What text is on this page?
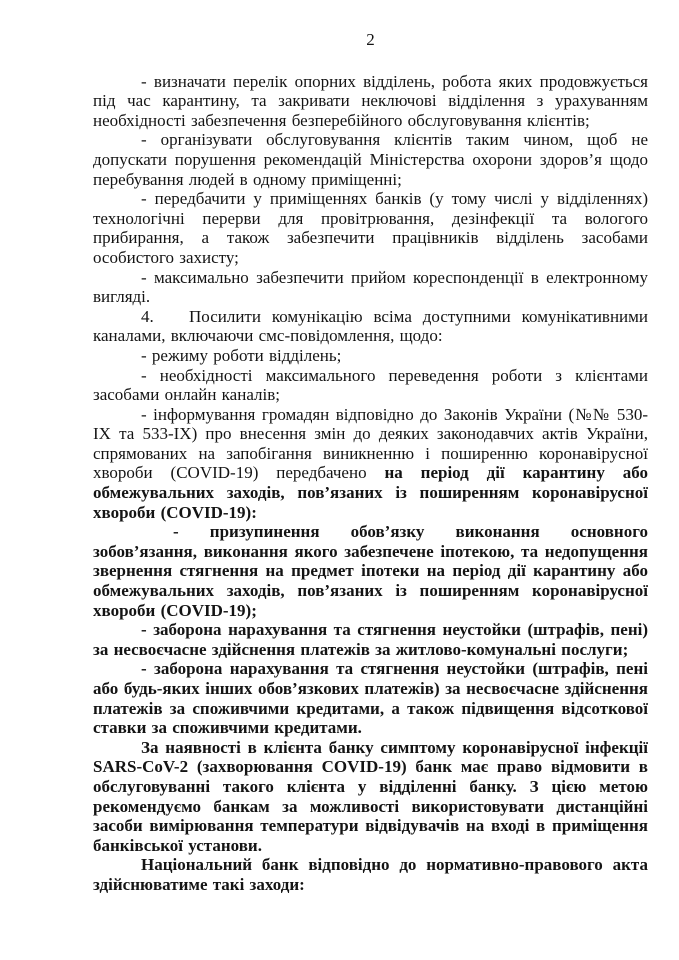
2

- визначати перелік опорних відділень, робота яких продовжується під час карантину, та закривати неключові відділення з урахуванням необхідності забезпечення безперебійного обслуговування клієнтів;

- організувати обслуговування клієнтів таким чином, щоб не допускати порушення рекомендацій Міністерства охорони здоров’я щодо перебування людей в одному приміщенні;

- передбачити у приміщеннях банків (у тому числі у відділеннях) технологічні перерви для провітрювання, дезінфекції та вологого прибирання, а також забезпечити працівників відділень засобами особистого захисту;

- максимально забезпечити прийом кореспонденції в електронному вигляді.

4. Посилити комунікацію всіма доступними комунікативними каналами, включаючи смс-повідомлення, щодо:

- режиму роботи відділень;

- необхідності максимального переведення роботи з клієнтами засобами онлайн каналів;

- інформування громадян відповідно до Законів України (№№ 530-IX та 533-IX) про внесення змін до деяких законодавчих актів України, спрямованих на запобігання виникненню і поширенню коронавірусної хвороби (COVID-19) передбачено на період дії карантину або обмежувальних заходів, пов’язаних із поширенням коронавірусної хвороби (COVID-19):

- призупинення обов’язку виконання основного зобов’язання, виконання якого забезпечене іпотекою, та недопущення звернення стягнення на предмет іпотеки на період дії карантину або обмежувальних заходів, пов’язаних із поширенням коронавірусної хвороби (COVID-19);

- заборона нарахування та стягнення неустойки (штрафів, пені) за несвоєчасне здійснення платежів за житлово-комунальні послуги;

- заборона нарахування та стягнення неустойки (штрафів, пені або будь-яких інших обов’язкових платежів) за несвоєчасне здійснення платежів за споживчими кредитами, а також підвищення відсоткової ставки за споживчими кредитами.

За наявності в клієнта банку симптому коронавірусної інфекції SARS-CoV-2 (захворювання COVID-19) банк має право відмовити в обслуговуванні такого клієнта у відділенні банку. З цією метою рекомендуємо банкам за можливості використовувати дистанційні засоби вимірювання температури відвідувачів на вході в приміщення банківської установи.

Національний банк відповідно до нормативно-правового акта здійснюватиме такі заходи:
